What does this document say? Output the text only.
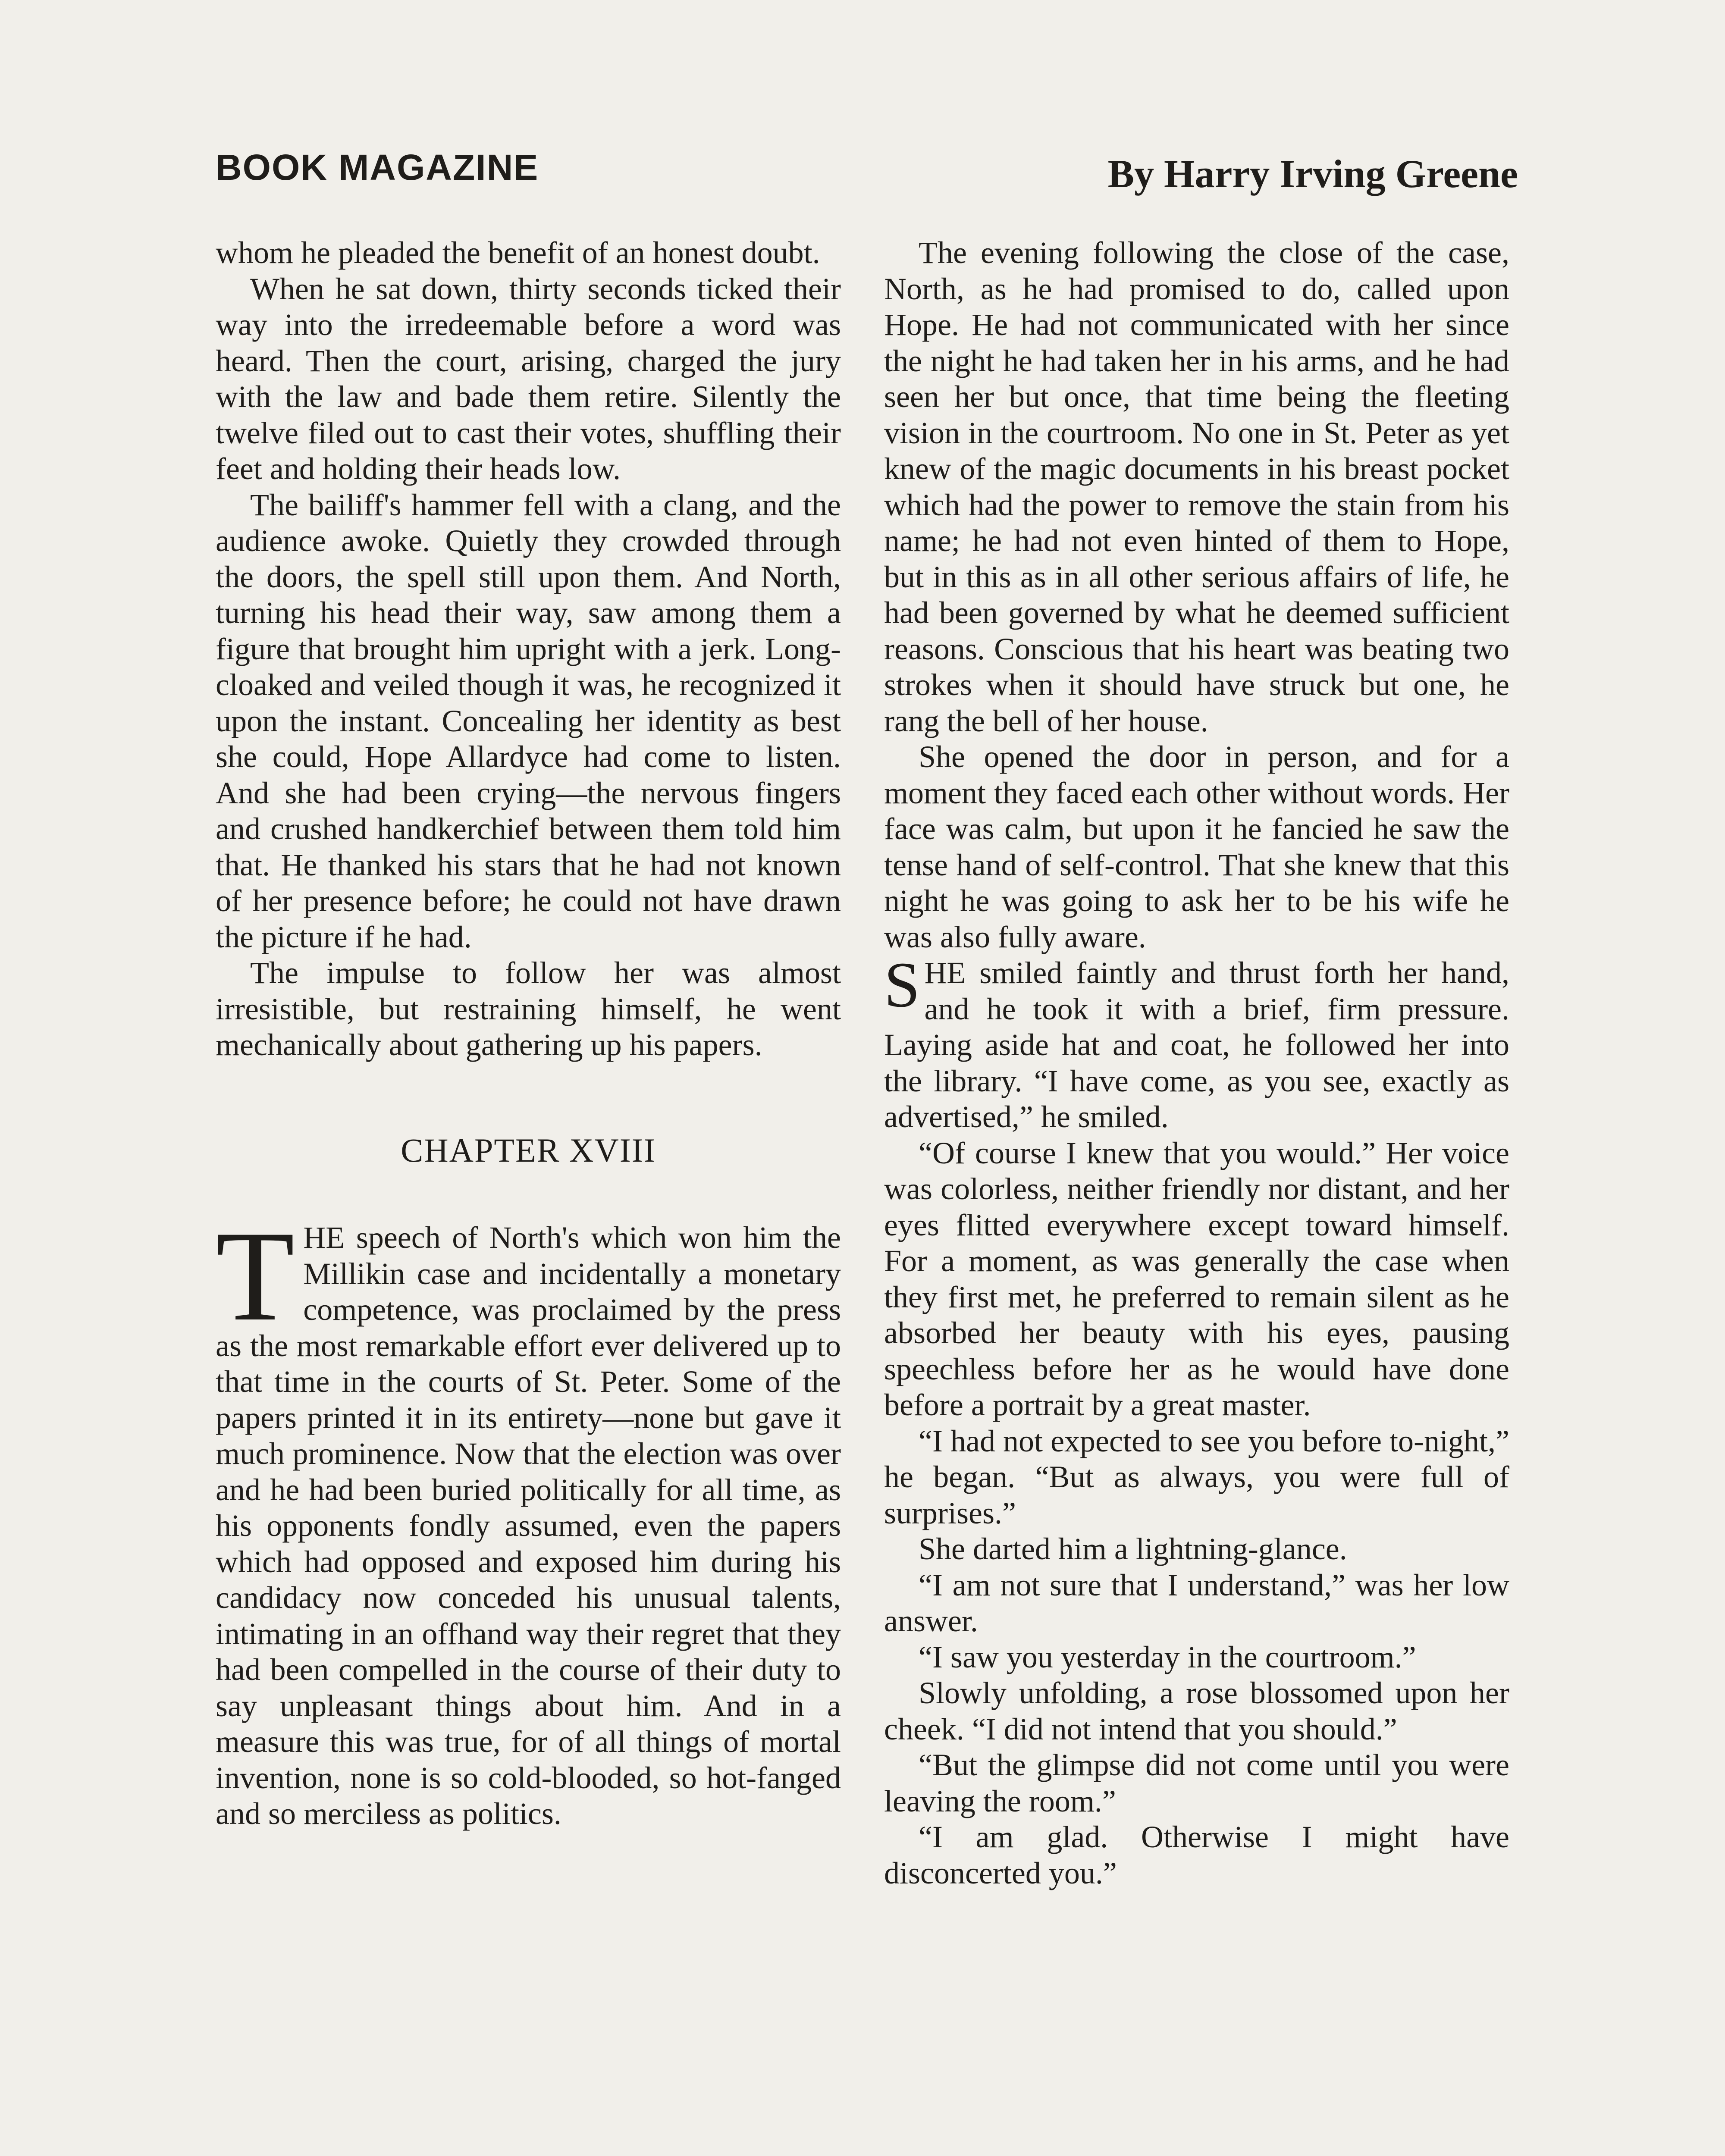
BOOK MAGAZINE	By Harry Irving Greene

whom he pleaded the benefit of an honest doubt.

When he sat down, thirty seconds ticked their way into the irredeemable before a word was heard. Then the court, arising, charged the jury with the law and bade them retire. Silently the twelve filed out to cast their votes, shuffling their feet and holding their heads low.

The bailiff's hammer fell with a clang, and the audience awoke. Quietly they crowded through the doors, the spell still upon them. And North, turning his head their way, saw among them a figure that brought him upright with a jerk. Long-cloaked and veiled though it was, he recognized it upon the instant. Concealing her identity as best she could, Hope Allardyce had come to listen. And she had been crying—the nervous fingers and crushed handkerchief between them told him that. He thanked his stars that he had not known of her presence before; he could not have drawn the picture if he had.

The impulse to follow her was almost irresistible, but restraining himself, he went mechanically about gathering up his papers.

CHAPTER XVIII

THE speech of North's which won him the Millikin case and incidentally a monetary competence, was proclaimed by the press as the most remarkable effort ever delivered up to that time in the courts of St. Peter. Some of the papers printed it in its entirety—none but gave it much prominence. Now that the election was over and he had been buried politically for all time, as his opponents fondly assumed, even the papers which had opposed and exposed him during his candidacy now conceded his unusual talents, intimating in an offhand way their regret that they had been compelled in the course of their duty to say unpleasant things about him. And in a measure this was true, for of all things of mortal invention, none is so cold-blooded, so hot-fanged and so merciless as politics.

The evening following the close of the case, North, as he had promised to do, called upon Hope. He had not communicated with her since the night he had taken her in his arms, and he had seen her but once, that time being the fleeting vision in the courtroom. No one in St. Peter as yet knew of the magic documents in his breast pocket which had the power to remove the stain from his name; he had not even hinted of them to Hope, but in this as in all other serious affairs of life, he had been governed by what he deemed sufficient reasons. Conscious that his heart was beating two strokes when it should have struck but one, he rang the bell of her house.

She opened the door in person, and for a moment they faced each other without words. Her face was calm, but upon it he fancied he saw the tense hand of self-control. That she knew that this night he was going to ask her to be his wife he was also fully aware.

SHE smiled faintly and thrust forth her hand, and he took it with a brief, firm pressure. Laying aside hat and coat, he followed her into the library. “I have come, as you see, exactly as advertised,” he smiled.

“Of course I knew that you would.” Her voice was colorless, neither friendly nor distant, and her eyes flitted everywhere except toward himself. For a moment, as was generally the case when they first met, he preferred to remain silent as he absorbed her beauty with his eyes, pausing speechless before her as he would have done before a portrait by a great master.

“I had not expected to see you before to-night,” he began. “But as always, you were full of surprises.”

She darted him a lightning-glance.

“I am not sure that I understand,” was her low answer.

“I saw you yesterday in the courtroom.”

Slowly unfolding, a rose blossomed upon her cheek. “I did not intend that you should.”

“But the glimpse did not come until you were leaving the room.”

“I am glad. Otherwise I might have disconcerted you.”
